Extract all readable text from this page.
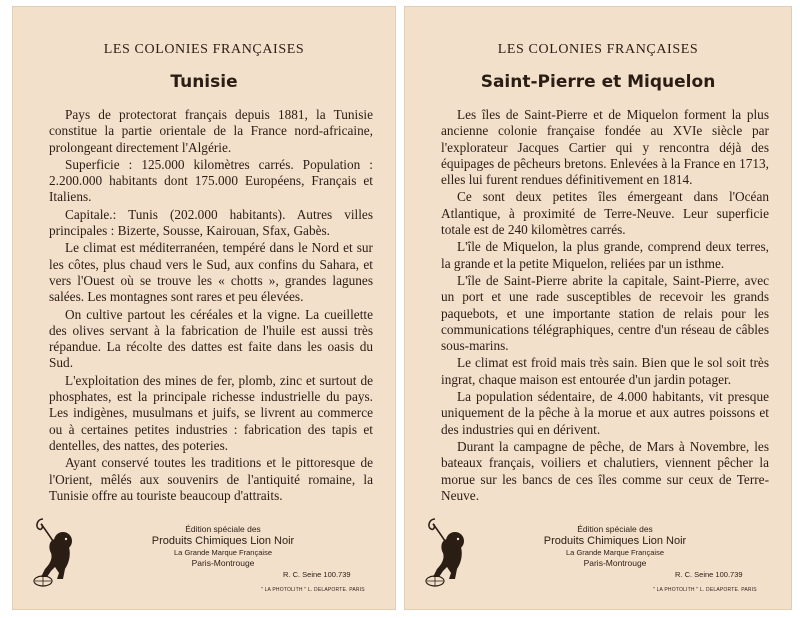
LES COLONIES FRANÇAISES
Tunisie

Pays de protectorat français depuis 1881, la Tunisie constitue la partie orientale de la France nord-africaine, prolongeant directement l'Algérie.

Superficie : 125.000 kilomètres carrés. Population : 2.200.000 habitants dont 175.000 Européens, Français et Italiens.

Capitale.: Tunis (202.000 habitants). Autres villes principales : Bizerte, Sousse, Kairouan, Sfax, Gabès.

Le climat est méditerranéen, tempéré dans le Nord et sur les côtes, plus chaud vers le Sud, aux confins du Sahara, et vers l'Ouest où se trouve les « chotts », grandes lagunes salées. Les montagnes sont rares et peu élevées.

On cultive partout les céréales et la vigne. La cueillette des olives servant à la fabrication de l'huile est aussi très répandue. La récolte des dattes est faite dans les oasis du Sud.

L'exploitation des mines de fer, plomb, zinc et surtout de phosphates, est la principale richesse industrielle du pays. Les indigènes, musulmans et juifs, se livrent au commerce ou à certaines petites industries : fabrication des tapis et dentelles, des nattes, des poteries.

Ayant conservé toutes les traditions et le pittoresque de l'Orient, mêlés aux souvenirs de l'antiquité romaine, la Tunisie offre au touriste beaucoup d'attraits.

Édition spéciale des
Produits Chimiques Lion Noir
La Grande Marque Française
Paris-Montrouge
R. C. Seine 100.739
" LA PHOTOLITH " L. DELAPORTE. PARIS
LES COLONIES FRANÇAISES
Saint-Pierre et Miquelon

Les îles de Saint-Pierre et de Miquelon forment la plus ancienne colonie française fondée au XVIe siècle par l'explorateur Jacques Cartier qui y rencontra déjà des équipages de pêcheurs bretons. Enlevées à la France en 1713, elles lui furent rendues définitivement en 1814.

Ce sont deux petites îles émergeant dans l'Océan Atlantique, à proximité de Terre-Neuve. Leur superficie totale est de 240 kilomètres carrés.

L'île de Miquelon, la plus grande, comprend deux terres, la grande et la petite Miquelon, reliées par un isthme.

L'île de Saint-Pierre abrite la capitale, Saint-Pierre, avec un port et une rade susceptibles de recevoir les grands paquebots, et une importante station de relais pour les communications télégraphiques, centre d'un réseau de câbles sous-marins.

Le climat est froid mais très sain. Bien que le sol soit très ingrat, chaque maison est entourée d'un jardin potager.

La population sédentaire, de 4.000 habitants, vit presque uniquement de la pêche à la morue et aux autres poissons et des industries qui en dérivent.

Durant la campagne de pêche, de Mars à Novembre, les bateaux français, voiliers et chalutiers, viennent pêcher la morue sur les bancs de ces îles comme sur ceux de Terre-Neuve.

Édition spéciale des
Produits Chimiques Lion Noir
La Grande Marque Française
Paris-Montrouge
R. C. Seine 100.739
" LA PHOTOLITH " L. DELAPORTE. PARIS
